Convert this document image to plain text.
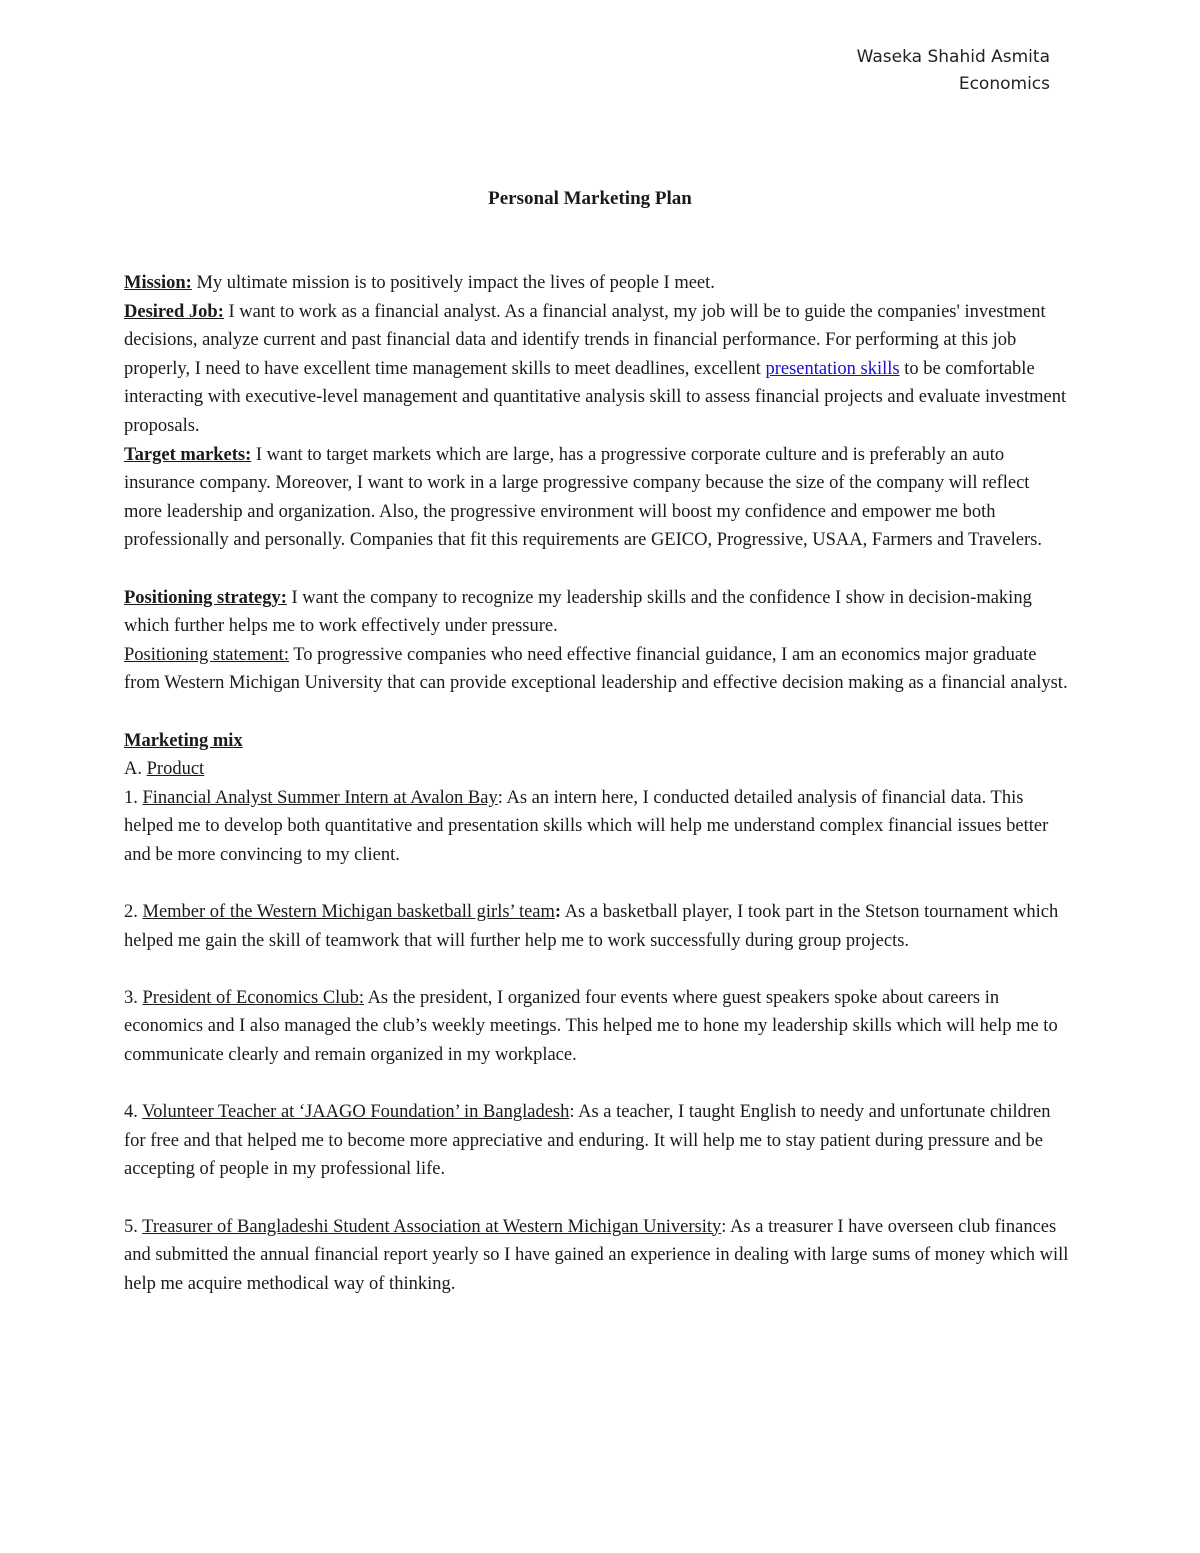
Waseka Shahid Asmita
Economics
Personal Marketing Plan

Mission: My ultimate mission is to positively impact the lives of people I meet.

Desired Job: I want to work as a financial analyst. As a financial analyst, my job will be to guide the companies' investment decisions, analyze current and past financial data and identify trends in financial performance. For performing at this job properly, I need to have excellent time management skills to meet deadlines, excellent presentation skills to be comfortable interacting with executive-level management and quantitative analysis skill to assess financial projects and evaluate investment proposals.

Target markets: I want to target markets which are large, has a progressive corporate culture and is preferably an auto insurance company. Moreover, I want to work in a large progressive company because the size of the company will reflect more leadership and organization. Also, the progressive environment will boost my confidence and empower me both professionally and personally. Companies that fit this requirements are GEICO, Progressive, USAA, Farmers and Travelers.

Positioning strategy: I want the company to recognize my leadership skills and the confidence I show in decision-making which further helps me to work effectively under pressure.

Positioning statement: To progressive companies who need effective financial guidance, I am an economics major graduate from Western Michigan University that can provide exceptional leadership and effective decision making as a financial analyst.

Marketing mix

A. Product

1. Financial Analyst Summer Intern at Avalon Bay: As an intern here, I conducted detailed analysis of financial data. This helped me to develop both quantitative and presentation skills which will help me understand complex financial issues better and be more convincing to my client.

2. Member of the Western Michigan basketball girls’ team: As a basketball player, I took part in the Stetson tournament which helped me gain the skill of teamwork that will further help me to work successfully during group projects.

3. President of Economics Club: As the president, I organized four events where guest speakers spoke about careers in economics and I also managed the club’s weekly meetings. This helped me to hone my leadership skills which will help me to communicate clearly and remain organized in my workplace.

4. Volunteer Teacher at ‘JAAGO Foundation’ in Bangladesh: As a teacher, I taught English to needy and unfortunate children for free and that helped me to become more appreciative and enduring. It will help me to stay patient during pressure and be accepting of people in my professional life.

5. Treasurer of Bangladeshi Student Association at Western Michigan University: As a treasurer I have overseen club finances and submitted the annual financial report yearly so I have gained an experience in dealing with large sums of money which will help me acquire methodical way of thinking.
